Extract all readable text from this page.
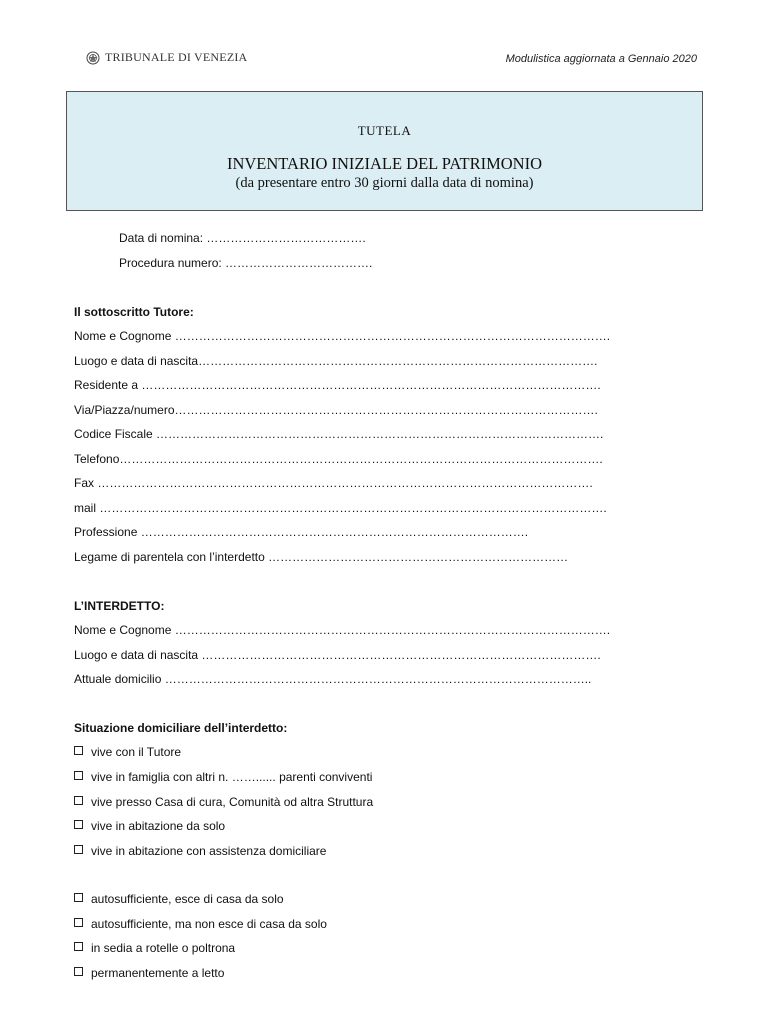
TRIBUNALE DI VENEZIA	Modulistica aggiornata a Gennaio 2020
TUTELA
INVENTARIO INIZIALE DEL PATRIMONIO
(da presentare entro 30 giorni dalla data di nomina)
Data di nomina: ………………………………….
Procedura numero: ……………………………….
Il sottoscritto Tutore:
Nome e Cognome ……………………………………………………………………………………………….
Luogo e data di nascita……………………………………………………………………………………….
Residente a …………………………………………………………………………………………………….
Via/Piazza/numero…………………………………………………………………………………………….
Codice Fiscale ………………………………………………………………………………………………….
Telefono………………………………………………………………………………………………………….
Fax …………………………………………………………………………………………………………….
mail ……………………………………………………………………………………………………………….
Professione …………………………………………………………………………………….
Legame di parentela con l’interdetto …………………………………………………………………
L’INTERDETTO:
Nome e Cognome ……………………………………………………………………………………………….
Luogo e data di nascita ……………………………………………………………………………………….
Attuale domicilio ……………………………………………………………………………………………..
Situazione domiciliare dell’interdetto:
vive con il Tutore
vive in famiglia con altri n. ……...... parenti conviventi
vive presso Casa di cura, Comunità od altra Struttura
vive in abitazione da solo
vive in abitazione con assistenza domiciliare
autosufficiente, esce di casa da solo
autosufficiente, ma non esce di casa da solo
in sedia a rotelle o poltrona
permanentemente a letto
